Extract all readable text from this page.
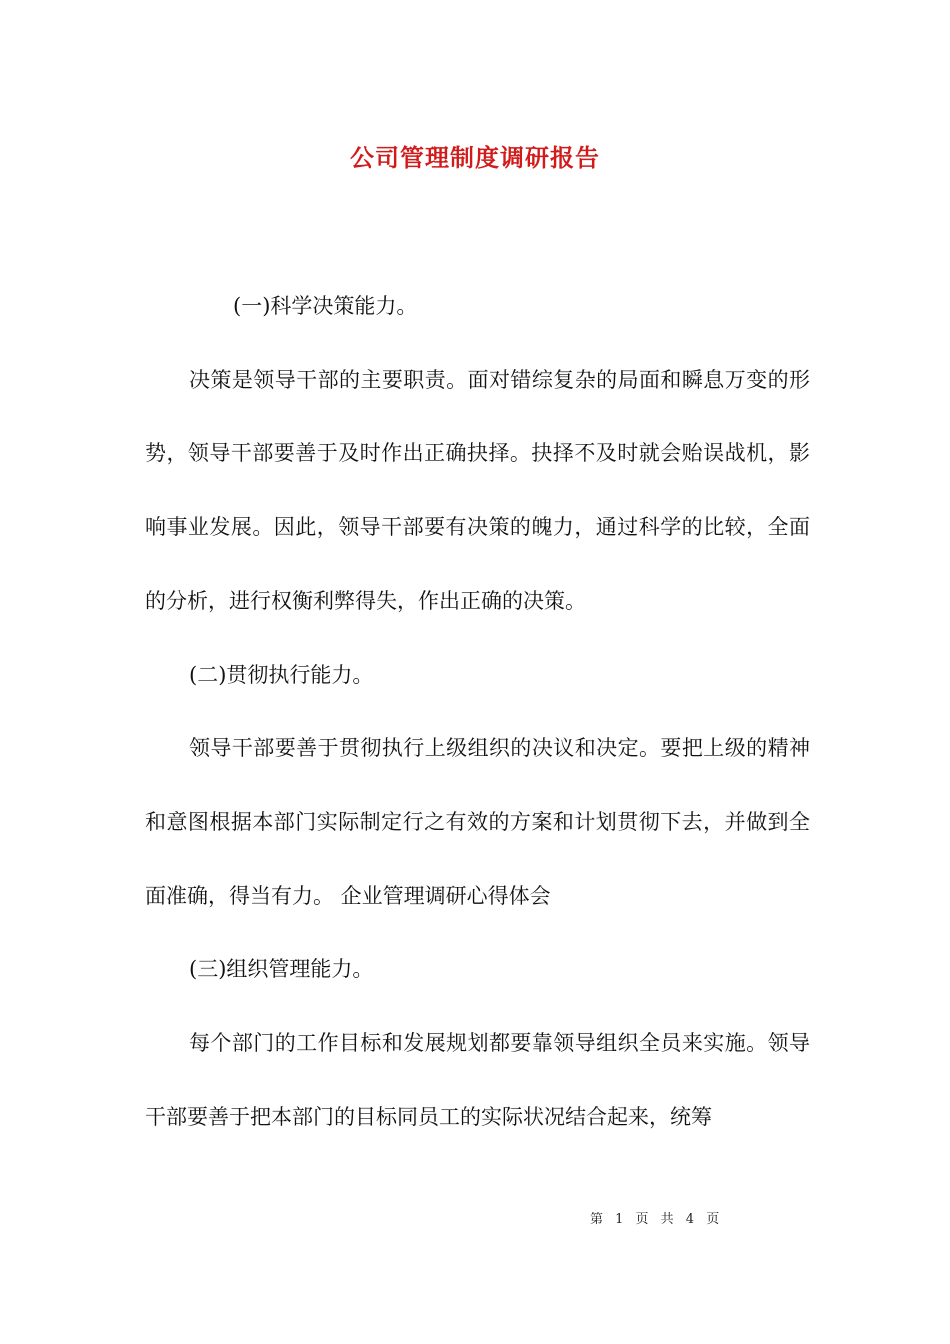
公司管理制度调研报告

(一)科学决策能力。

决策是领导干部的主要职责。面对错综复杂的局面和瞬息万变的形势，领导干部要善于及时作出正确抉择。抉择不及时就会贻误战机，影响事业发展。因此，领导干部要有决策的魄力，通过科学的比较，全面的分析，进行权衡利弊得失，作出正确的决策。

(二)贯彻执行能力。

领导干部要善于贯彻执行上级组织的决议和决定。要把上级的精神和意图根据本部门实际制定行之有效的方案和计划贯彻下去，并做到全面准确，得当有力。 企业管理调研心得体会

(三)组织管理能力。

每个部门的工作目标和发展规划都要靠领导组织全员来实施。领导干部要善于把本部门的目标同员工的实际状况结合起来，统筹

第 1 页 共 4 页
